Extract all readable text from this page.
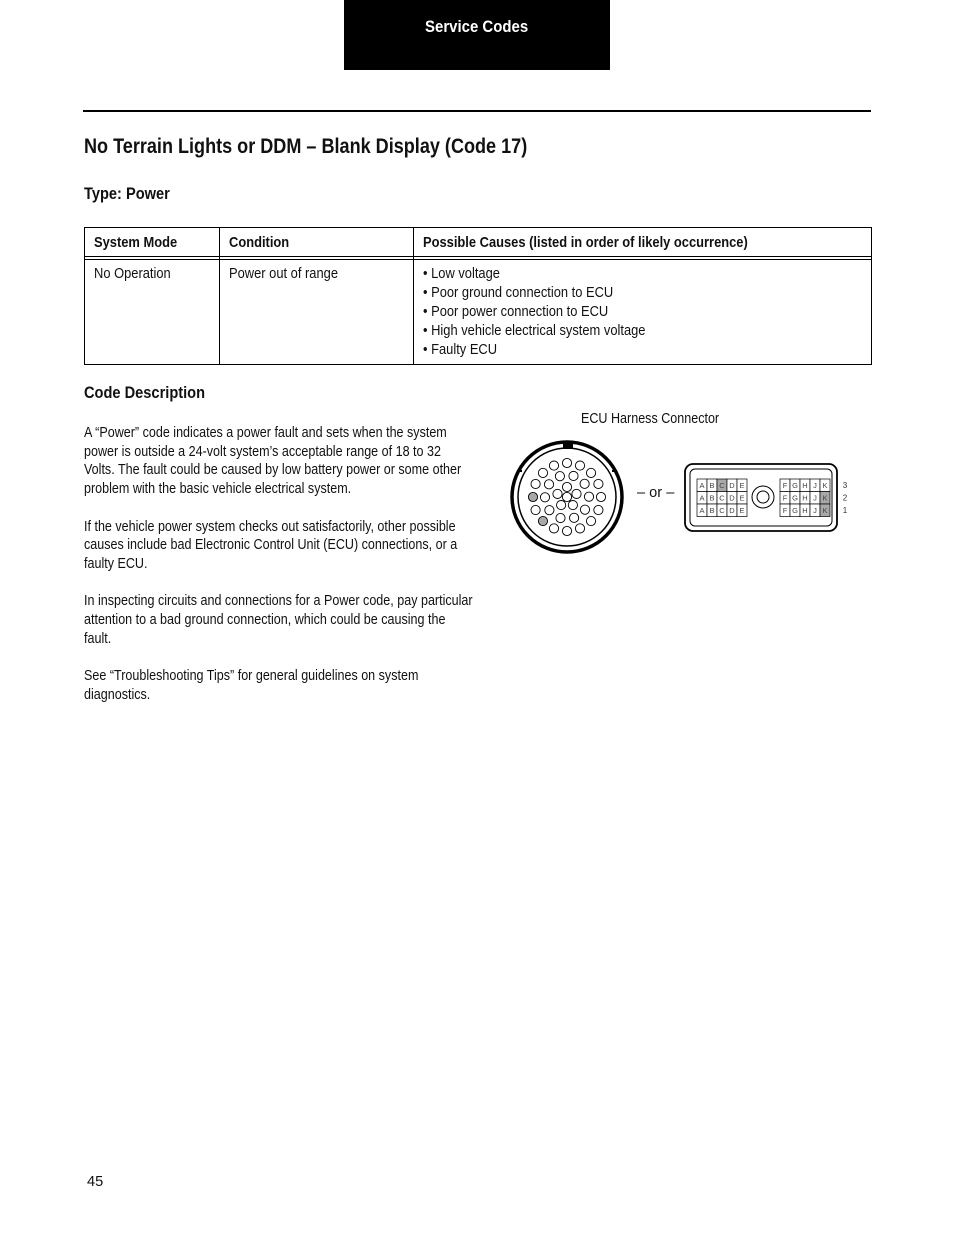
Service Codes
No Terrain Lights or DDM – Blank Display (Code 17)
Type: Power
System Mode	Condition	Possible Causes (listed in order of likely occurrence)

No Operation	Power out of range	• Low voltage
• Poor ground connection to ECU
• Poor power connection to ECU
• High vehicle electrical system voltage
• Faulty ECU
Code Description

A “Power” code indicates a power fault and sets when the system power is outside a 24-volt system’s acceptable range of 18 to 32 Volts. The fault could be caused by low battery power or some other problem with the basic vehicle electrical system.

If the vehicle power system checks out satisfactorily, other possible causes include bad Electronic Control Unit (ECU) connections, or a faulty ECU.

In inspecting circuits and connections for a Power code, pay particular attention to a bad ground connection, which could be causing the fault.

See “Troubleshooting Tips” for general guidelines on system diagnostics.

ECU Harness Connector
A B C D E
A B C D E
A B C D E
F G H J K
F G H J K
F G H J K
3
2
1
– or –
45
